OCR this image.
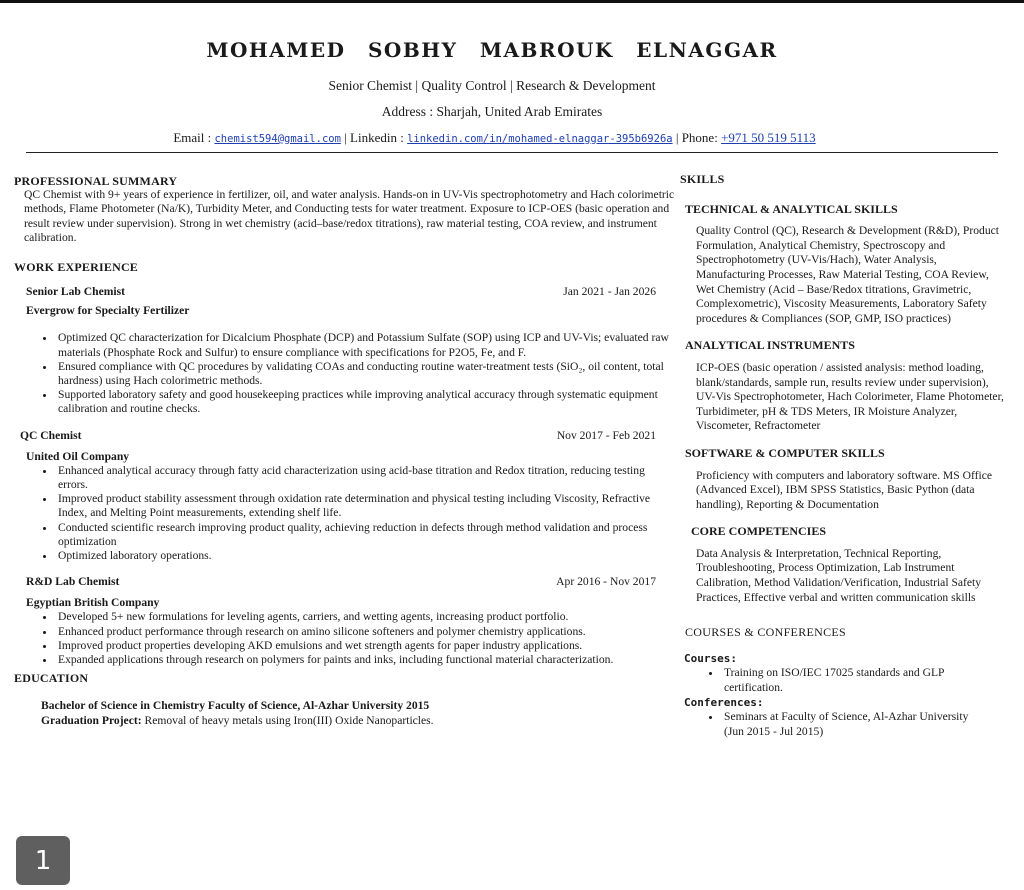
MOHAMED SOBHY MABROUK ELNAGGAR
Senior Chemist | Quality Control | Research & Development
Address : Sharjah, United Arab Emirates
Email : chemist594@gmail.com | Linkedin : linkedin.com/in/mohamed-elnaggar-395b6926a | Phone: +971 50 519 5113
PROFESSIONAL SUMMARY
QC Chemist with 9+ years of experience in fertilizer, oil, and water analysis. Hands-on in UV-Vis spectrophotometry and Hach colorimetric methods, Flame Photometer (Na/K), Turbidity Meter, and Conducting tests for water treatment. Exposure to ICP-OES (basic operation and result review under supervision). Strong in wet chemistry (acid–base/redox titrations), raw material testing, COA review, and instrument calibration.
WORK EXPERIENCE
Senior Lab Chemist	Jan 2021 - Jan 2026
Evergrow for Specialty Fertilizer
• Optimized QC characterization for Dicalcium Phosphate (DCP) and Potassium Sulfate (SOP) using ICP and UV-Vis; evaluated raw materials (Phosphate Rock and Sulfur) to ensure compliance with specifications for P2O5, Fe, and F.
• Ensured compliance with QC procedures by validating COAs and conducting routine water-treatment tests (SiO₂, oil content, total hardness) using Hach colorimetric methods.
• Supported laboratory safety and good housekeeping practices while improving analytical accuracy through systematic equipment calibration and routine checks.
QC Chemist	Nov 2017 - Feb 2021
United Oil Company
• Enhanced analytical accuracy through fatty acid characterization using acid-base titration and Redox titration, reducing testing errors.
• Improved product stability assessment through oxidation rate determination and physical testing including Viscosity, Refractive Index, and Melting Point measurements, extending shelf life.
• Conducted scientific research improving product quality, achieving reduction in defects through method validation and process optimization
• Optimized laboratory operations.
R&D Lab Chemist	Apr 2016 - Nov 2017
Egyptian British Company
• Developed 5+ new formulations for leveling agents, carriers, and wetting agents, increasing product portfolio.
• Enhanced product performance through research on amino silicone softeners and polymer chemistry applications.
• Improved product properties developing AKD emulsions and wet strength agents for paper industry applications.
• Expanded applications through research on polymers for paints and inks, including functional material characterization.
EDUCATION
Bachelor of Science in Chemistry Faculty of Science, Al-Azhar University 2015
Graduation Project: Removal of heavy metals using Iron(III) Oxide Nanoparticles.
SKILLS
TECHNICAL & ANALYTICAL SKILLS
Quality Control (QC), Research & Development (R&D), Product Formulation, Analytical Chemistry, Spectroscopy and Spectrophotometry (UV-Vis/Hach), Water Analysis, Manufacturing Processes, Raw Material Testing, COA Review, Wet Chemistry (Acid – Base/Redox titrations, Gravimetric, Complexometric), Viscosity Measurements, Laboratory Safety procedures & Compliances (SOP, GMP, ISO practices)
ANALYTICAL INSTRUMENTS
ICP-OES (basic operation / assisted analysis: method loading, blank/standards, sample run, results review under supervision), UV-Vis Spectrophotometer, Hach Colorimeter, Flame Photometer, Turbidimeter, pH & TDS Meters, IR Moisture Analyzer, Viscometer, Refractometer
SOFTWARE & COMPUTER SKILLS
Proficiency with computers and laboratory software. MS Office (Advanced Excel), IBM SPSS Statistics, Basic Python (data handling), Reporting & Documentation
CORE COMPETENCIES
Data Analysis & Interpretation, Technical Reporting, Troubleshooting, Process Optimization, Lab Instrument Calibration, Method Validation/Verification, Industrial Safety Practices, Effective verbal and written communication skills
COURSES & CONFERENCES
Courses:
• Training on ISO/IEC 17025 standards and GLP certification.
Conferences:
• Seminars at Faculty of Science, Al-Azhar University (Jun 2015 - Jul 2015)
1
